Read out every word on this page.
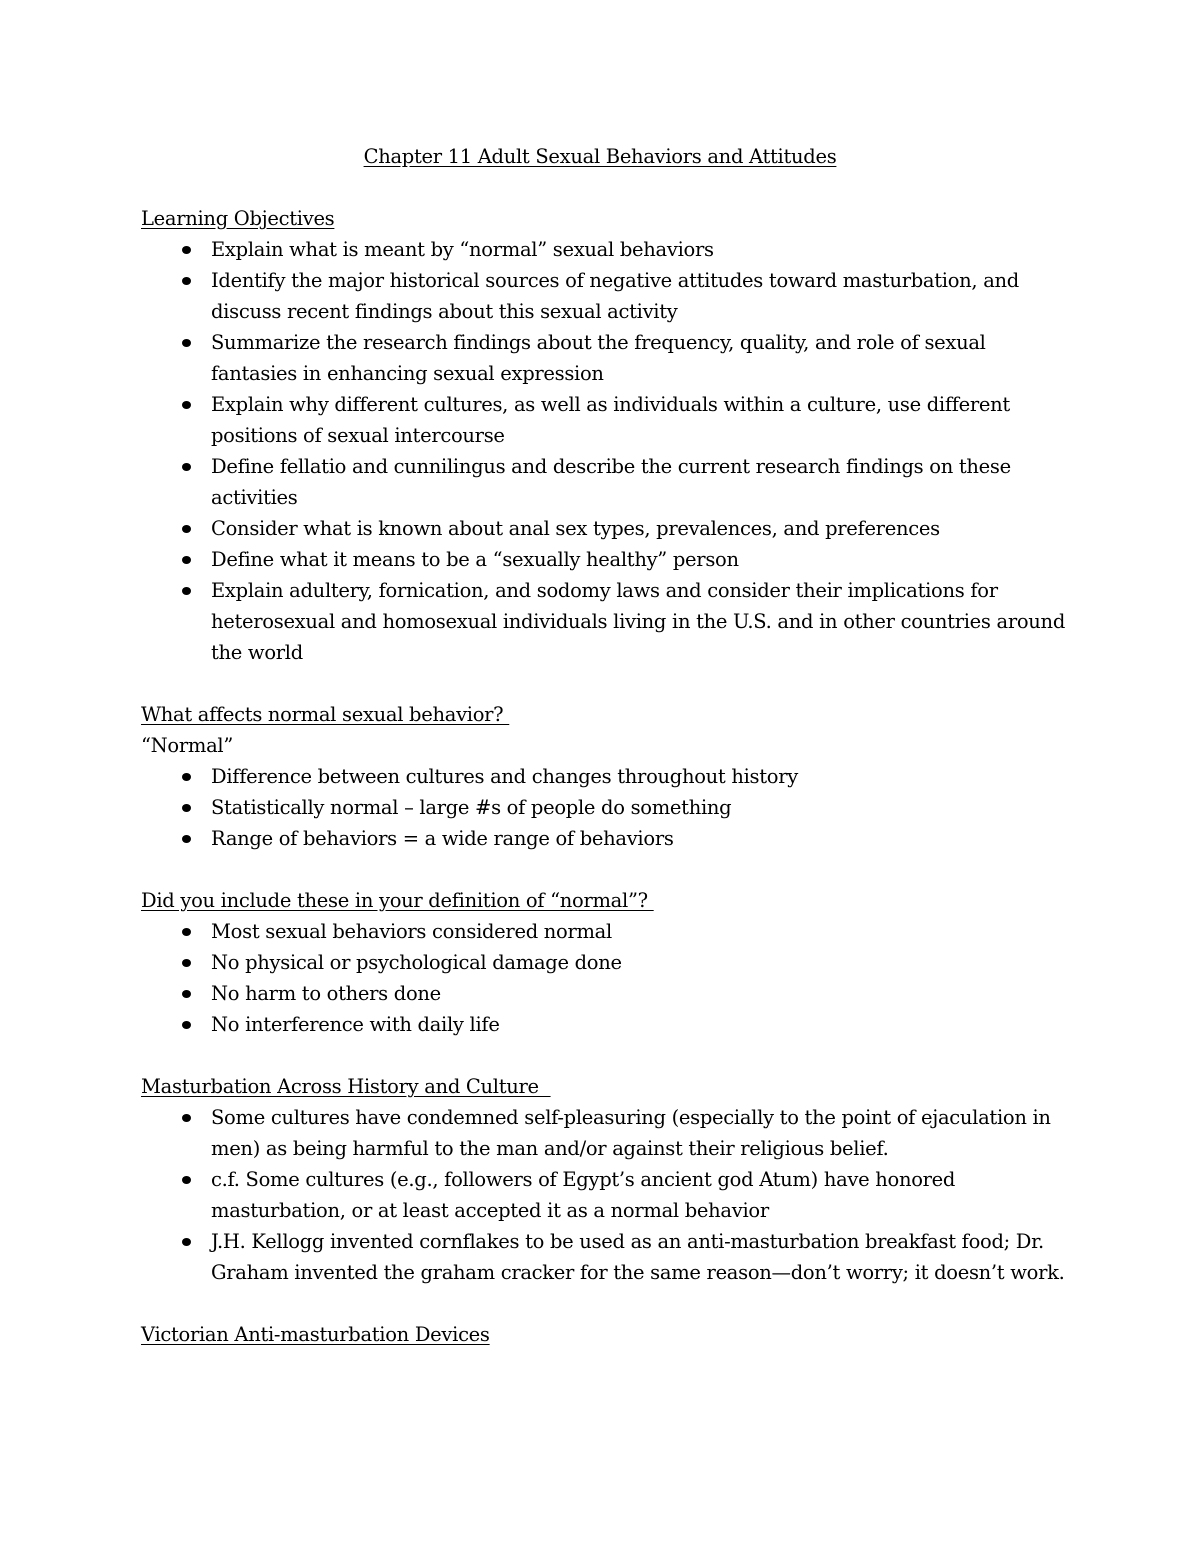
Chapter 11 Adult Sexual Behaviors and Attitudes

Learning Objectives

Explain what is meant by “normal” sexual behaviors
Identify the major historical sources of negative attitudes toward masturbation, and discuss recent findings about this sexual activity
Summarize the research findings about the frequency, quality, and role of sexual fantasies in enhancing sexual expression
Explain why different cultures, as well as individuals within a culture, use different positions of sexual intercourse
Define fellatio and cunnilingus and describe the current research findings on these activities
Consider what is known about anal sex types, prevalences, and preferences
Define what it means to be a “sexually healthy” person
Explain adultery, fornication, and sodomy laws and consider their implications for heterosexual and homosexual individuals living in the U.S. and in other countries around the world

What affects normal sexual behavior?

“Normal”

Difference between cultures and changes throughout history
Statistically normal – large #s of people do something
Range of behaviors = a wide range of behaviors

Did you include these in your definition of “normal”?

Most sexual behaviors considered normal
No physical or psychological damage done
No harm to others done
No interference with daily life

Masturbation Across History and Culture

Some cultures have condemned self-pleasuring (especially to the point of ejaculation in men) as being harmful to the man and/or against their religious belief.
c.f. Some cultures (e.g., followers of Egypt’s ancient god Atum) have honored masturbation, or at least accepted it as a normal behavior
J.H. Kellogg invented cornflakes to be used as an anti-masturbation breakfast food; Dr. Graham invented the graham cracker for the same reason—don’t worry; it doesn’t work.

Victorian Anti-masturbation Devices
